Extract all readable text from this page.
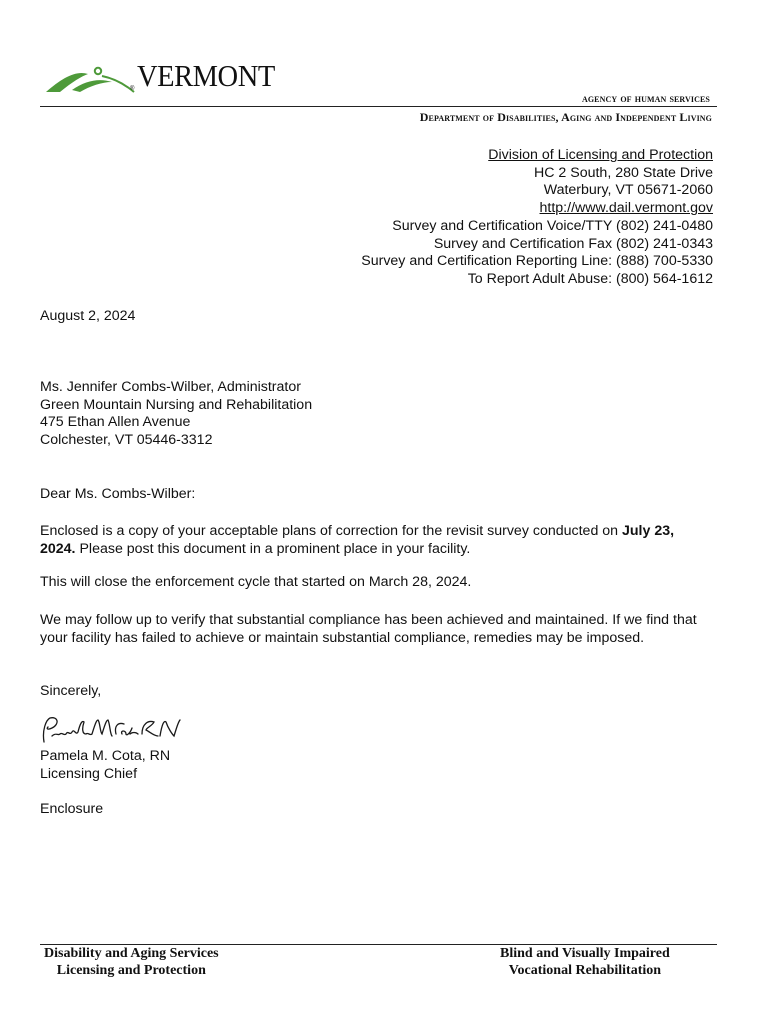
® VERMONT
agency of human services
Department of Disabilities, Aging and Independent Living
Division of Licensing and Protection
HC 2 South, 280 State Drive
Waterbury, VT 05671-2060
http://www.dail.vermont.gov
Survey and Certification Voice/TTY (802) 241-0480
Survey and Certification Fax (802) 241-0343
Survey and Certification Reporting Line: (888) 700-5330
To Report Adult Abuse: (800) 564-1612
August 2, 2024
Ms. Jennifer Combs-Wilber, Administrator
Green Mountain Nursing and Rehabilitation
475 Ethan Allen Avenue
Colchester, VT 05446-3312
Dear Ms. Combs-Wilber:
Enclosed is a copy of your acceptable plans of correction for the revisit survey conducted on July 23, 2024. Please post this document in a prominent place in your facility.
This will close the enforcement cycle that started on March 28, 2024.
We may follow up to verify that substantial compliance has been achieved and maintained. If we find that your facility has failed to achieve or maintain substantial compliance, remedies may be imposed.
Sincerely,
Pamela M. Cota, RN
Licensing Chief
Enclosure
Disability and Aging Services
Licensing and Protection
Blind and Visually Impaired
Vocational Rehabilitation
